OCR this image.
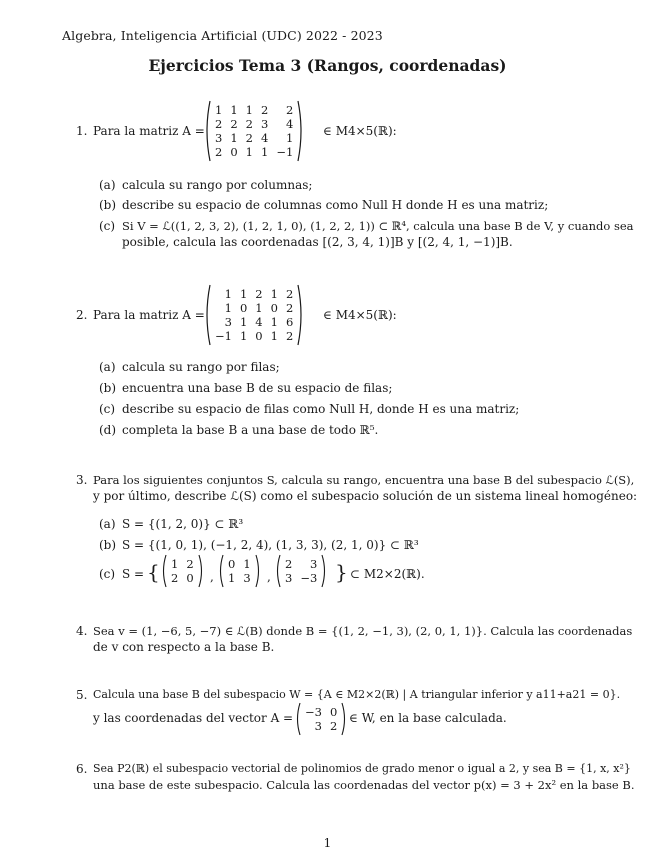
Algebra, Inteligencia Artificial (UDC) 2022 - 2023
Ejercicios Tema 3 (Rangos, coordenadas)
1. Para la matriz A =
1	1	1	2	2
2	2	2	3	4
3	1	2	4	1
2	0	1	1	−1
∈ M4×5(ℝ):
(a) calcula su rango por columnas;
(b) describe su espacio de columnas como Null H donde H es una matriz;
(c) Si V = ℒ((1, 2, 3, 2), (1, 2, 1, 0), (1, 2, 2, 1)) ⊂ ℝ⁴, calcula una base B de V, y cuando sea
posible, calcula las coordenadas [(2, 3, 4, 1)]B y [(2, 4, 1, −1)]B.
2. Para la matriz A =
1	1	2	1	2
1	0	1	0	2
3	1	4	1	6
−1	1	0	1	2
∈ M4×5(ℝ):
(a) calcula su rango por filas;
(b) encuentra una base B de su espacio de filas;
(c) describe su espacio de filas como Null H, donde H es una matriz;
(d) completa la base B a una base de todo ℝ⁵.
3. Para los siguientes conjuntos S, calcula su rango, encuentra una base B del subespacio ℒ(S),
y por último, describe ℒ(S) como el subespacio solución de un sistema lineal homogéneo:
(a) S = {(1, 2, 0)} ⊂ ℝ³
(b) S = {(1, 0, 1), (−1, 2, 4), (1, 3, 3), (2, 1, 0)} ⊂ ℝ³
(c) S = { 1	2
2	0 ,
0	1
1	3 ,
2	3
3	−3 } ⊂ M2×2(ℝ).
4. Sea v = (1, −6, 5, −7) ∈ ℒ(B) donde B = {(1, 2, −1, 3), (2, 0, 1, 1)}. Calcula las coordenadas
de v con respecto a la base B.
5. Calcula una base B del subespacio W = {A ∈ M2×2(ℝ) | A triangular inferior y a11+a21 = 0}.
y las coordenadas del vector A = −3	0
3	2
∈ W, en la base calculada.
6. Sea P2(ℝ) el subespacio vectorial de polinomios de grado menor o igual a 2, y sea B = {1, x, x²}
una base de este subespacio. Calcula las coordenadas del vector p(x) = 3 + 2x² en la base B.
1
